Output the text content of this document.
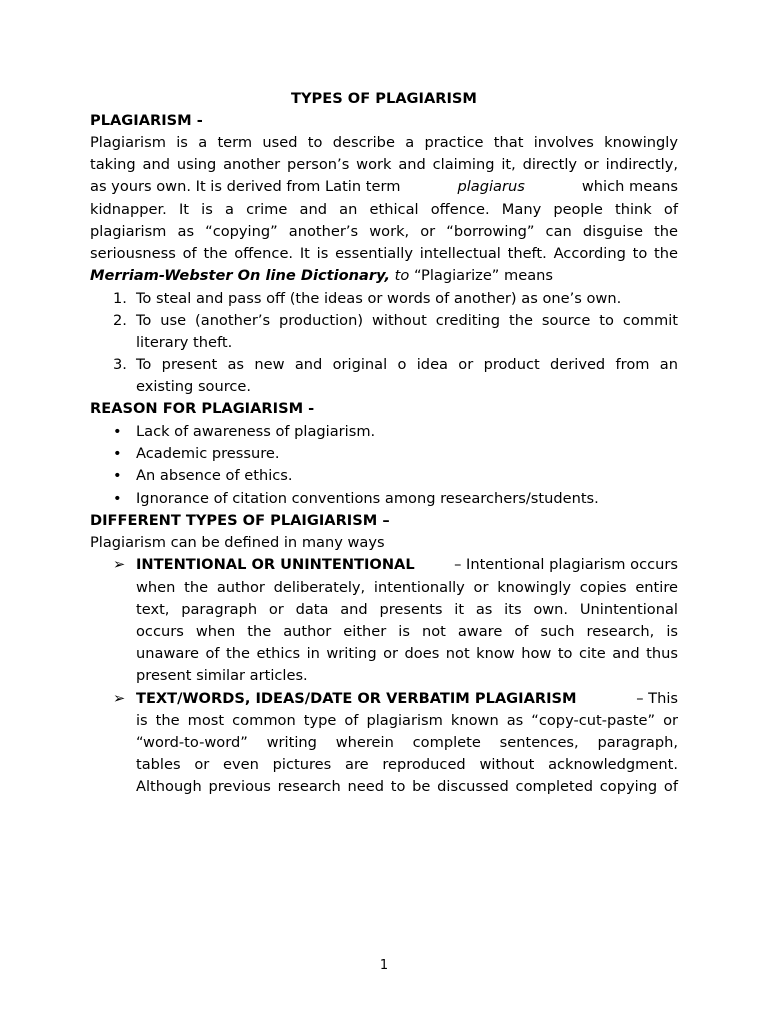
TYPES OF PLAGIARISM
PLAGIARISM -
Plagiarism is a term used to describe a practice that involves knowingly
taking and using another person’s work and claiming it, directly or indirectly,
as yours own. It is derived from Latin term	plagiarus	which means
kidnapper. It is a crime and an ethical offence. Many people think of
plagiarism as “copying” another’s work, or “borrowing” can disguise the
seriousness of the offence. It is essentially intellectual theft. According to the
Merriam-Webster On line Dictionary, to “Plagiarize” means
1. To steal and pass off (the ideas or words of another) as one’s own.
2. To use (another’s production) without crediting the source to commit
literary theft.
3. To present as new and original o idea or product derived from an
existing source.
REASON FOR PLAGIARISM -
• Lack of awareness of plagiarism.
• Academic pressure.
• An absence of ethics.
• Ignorance of citation conventions among researchers/students.
DIFFERENT TYPES OF PLAIGIARISM –
Plagiarism can be defined in many ways
➢ INTENTIONAL OR UNINTENTIONAL	– Intentional plagiarism occurs
when the author deliberately, intentionally or knowingly copies entire
text, paragraph or data and presents it as its own. Unintentional
occurs when the author either is not aware of such research, is
unaware of the ethics in writing or does not know how to cite and thus
present similar articles.
➢ TEXT/WORDS, IDEAS/DATE OR VERBATIM PLAGIARISM	– This
is the most common type of plagiarism known as “copy-cut-paste” or
“word-to-word” writing wherein complete sentences, paragraph,
tables or even pictures are reproduced without acknowledgment.
Although previous research need to be discussed completed copying of
1
